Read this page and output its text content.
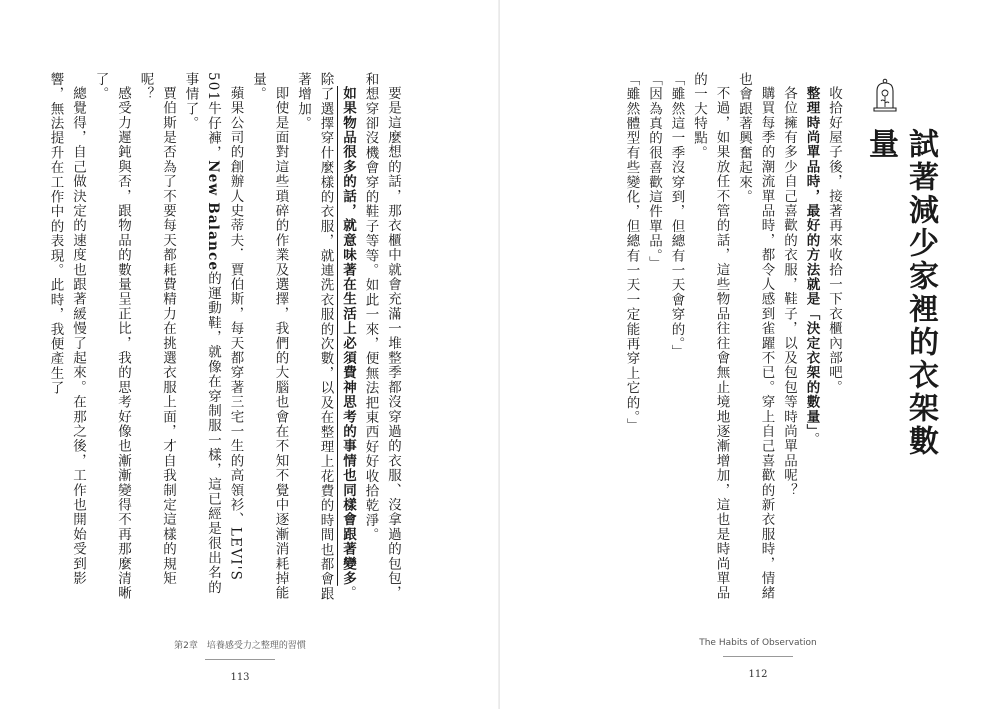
要是這麼想的話，那衣櫃中就會充滿一堆整季都沒穿過的衣服、沒拿過的包包，和想穿卻沒機會穿的鞋子等等。如此一來，便無法把東西好好收拾乾淨。

如果物品很多的話，就意味著在生活上必須費神思考的事情也同樣會跟著變多。除了選擇穿什麼樣的衣服，就連洗衣服的次數，以及在整理上花費的時間也都會跟著增加。

即使是面對這些瑣碎的作業及選擇，我們的大腦也會在不知不覺中逐漸消耗掉能量。

蘋果公司的創辦人史蒂夫．賈伯斯，每天都穿著三宅一生的高領衫、LEVI'S 501牛仔褲，New Balance的運動鞋，就像在穿制服一樣，這已經是很出名的事情了。

賈伯斯是否為了不要每天都耗費精力在挑選衣服上面，才自我制定這樣的規矩呢？

感受力遲鈍與否，跟物品的數量呈正比，我的思考好像也漸漸變得不再那麼清晰了。

總覺得，自己做決定的速度也跟著緩慢了起來。在那之後，工作也開始受到影響，無法提升在工作中的表現。此時，我便產生了

第2章　培養感受力之整理的習慣
113

收拾好屋子後，接著再來收拾一下衣櫃內部吧。

整理時尚單品時，最好的方法就是「決定衣架的數量」。

各位擁有多少自己喜歡的衣服，鞋子，以及包包等時尚單品呢？

購買每季的潮流單品時，都令人感到雀躍不已。穿上自己喜歡的新衣服時，情緒也會跟著興奮起來。

不過，如果放任不管的話，這些物品往往會無止境地逐漸增加，這也是時尚單品的一大特點。

「雖然這一季沒穿到，但總有一天會穿的。」

「因為真的很喜歡這件單品。」

「雖然體型有些變化，但總有一天一定能再穿上它的。」	試著減少家裡的衣架數量
The Habits of Observation
112
